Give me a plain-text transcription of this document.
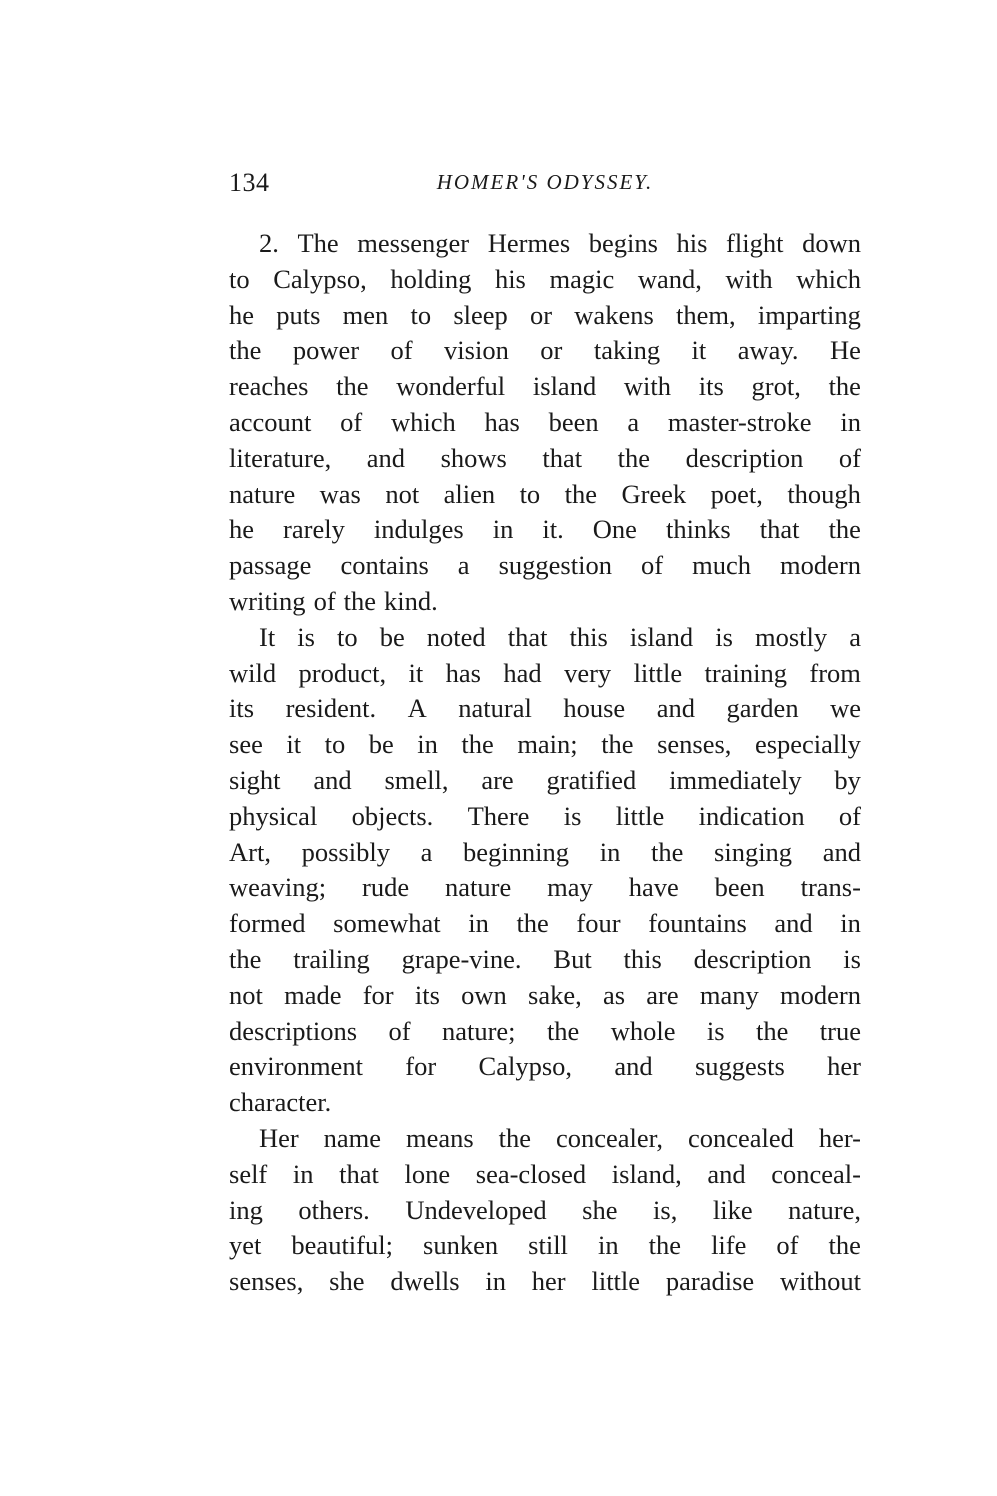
134	HOMER'S ODYSSEY.
2. The messenger Hermes begins his flight down
to Calypso, holding his magic wand, with which
he puts men to sleep or wakens them, imparting
the power of vision or taking it away. He
reaches the wonderful island with its grot, the
account of which has been a master-stroke in
literature, and shows that the description of
nature was not alien to the Greek poet, though
he rarely indulges in it. One thinks that the
passage contains a suggestion of much modern
writing of the kind.
It is to be noted that this island is mostly a
wild product, it has had very little training from
its resident. A natural house and garden we
see it to be in the main; the senses, especially
sight and smell, are gratified immediately by
physical objects. There is little indication of
Art, possibly a beginning in the singing and
weaving; rude nature may have been trans-
formed somewhat in the four fountains and in
the trailing grape-vine. But this description is
not made for its own sake, as are many modern
descriptions of nature; the whole is the true
environment for Calypso, and suggests her
character.
Her name means the concealer, concealed her-
self in that lone sea-closed island, and conceal-
ing others. Undeveloped she is, like nature,
yet beautiful; sunken still in the life of the
senses, she dwells in her little paradise without
